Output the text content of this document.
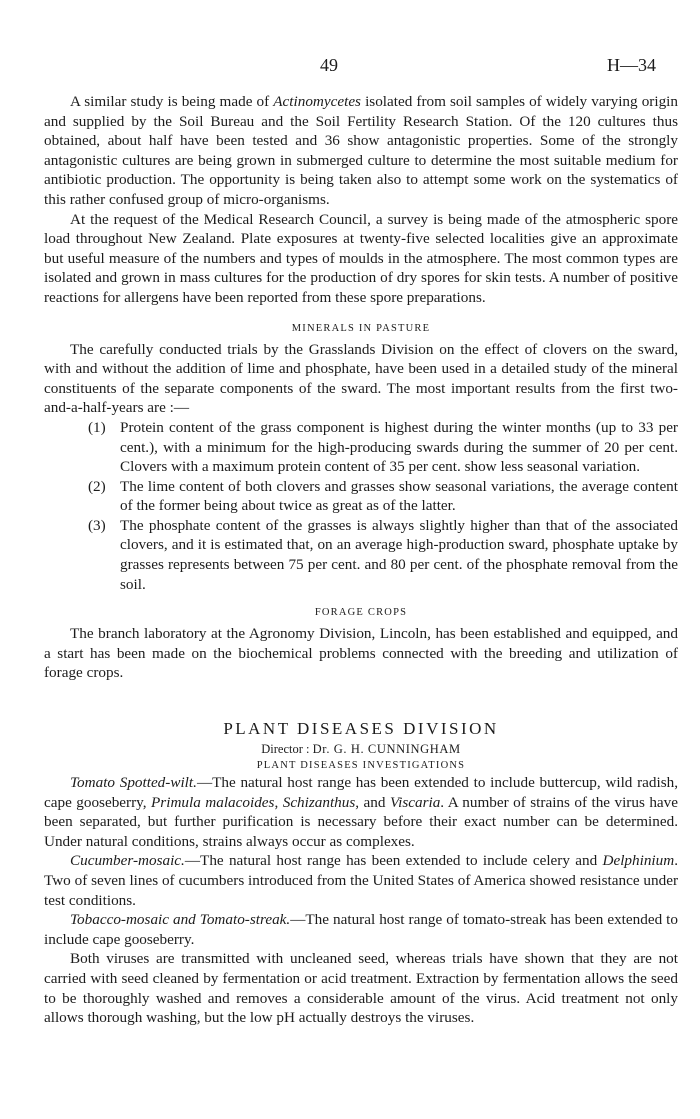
49	H—34

A similar study is being made of Actinomycetes isolated from soil samples of widely varying origin and supplied by the Soil Bureau and the Soil Fertility Research Station. Of the 120 cultures thus obtained, about half have been tested and 36 show antagonistic properties. Some of the strongly antagonistic cultures are being grown in submerged culture to determine the most suitable medium for antibiotic production. The opportunity is being taken also to attempt some work on the systematics of this rather confused group of micro-organisms.

At the request of the Medical Research Council, a survey is being made of the atmospheric spore load throughout New Zealand. Plate exposures at twenty-five selected localities give an approximate but useful measure of the numbers and types of moulds in the atmosphere. The most common types are isolated and grown in mass cultures for the production of dry spores for skin tests. A number of positive reactions for allergens have been reported from these spore preparations.

MINERALS IN PASTURE

The carefully conducted trials by the Grasslands Division on the effect of clovers on the sward, with and without the addition of lime and phosphate, have been used in a detailed study of the mineral constituents of the separate components of the sward. The most important results from the first two-and-a-half-years are :—

(1) Protein content of the grass component is highest during the winter months (up to 33 per cent.), with a minimum for the high-producing swards during the summer of 20 per cent. Clovers with a maximum protein content of 35 per cent. show less seasonal variation.
(2) The lime content of both clovers and grasses show seasonal variations, the average content of the former being about twice as great as of the latter.
(3) The phosphate content of the grasses is always slightly higher than that of the associated clovers, and it is estimated that, on an average high-production sward, phosphate uptake by grasses represents between 75 per cent. and 80 per cent. of the phosphate removal from the soil.
FORAGE CROPS

The branch laboratory at the Agronomy Division, Lincoln, has been established and equipped, and a start has been made on the biochemical problems connected with the breeding and utilization of forage crops.

PLANT DISEASES DIVISION
Director : Dr. G. H. CUNNINGHAM
PLANT DISEASES INVESTIGATIONS

Tomato Spotted-wilt.—The natural host range has been extended to include buttercup, wild radish, cape gooseberry, Primula malacoides, Schizanthus, and Viscaria. A number of strains of the virus have been separated, but further purification is necessary before their exact number can be determined. Under natural conditions, strains always occur as complexes.

Cucumber-mosaic.—The natural host range has been extended to include celery and Delphinium. Two of seven lines of cucumbers introduced from the United States of America showed resistance under test conditions.

Tobacco-mosaic and Tomato-streak.—The natural host range of tomato-streak has been extended to include cape gooseberry.

Both viruses are transmitted with uncleaned seed, whereas trials have shown that they are not carried with seed cleaned by fermentation or acid treatment. Extraction by fermentation allows the seed to be thoroughly washed and removes a considerable amount of the virus. Acid treatment not only allows thorough washing, but the low pH actually destroys the viruses.
